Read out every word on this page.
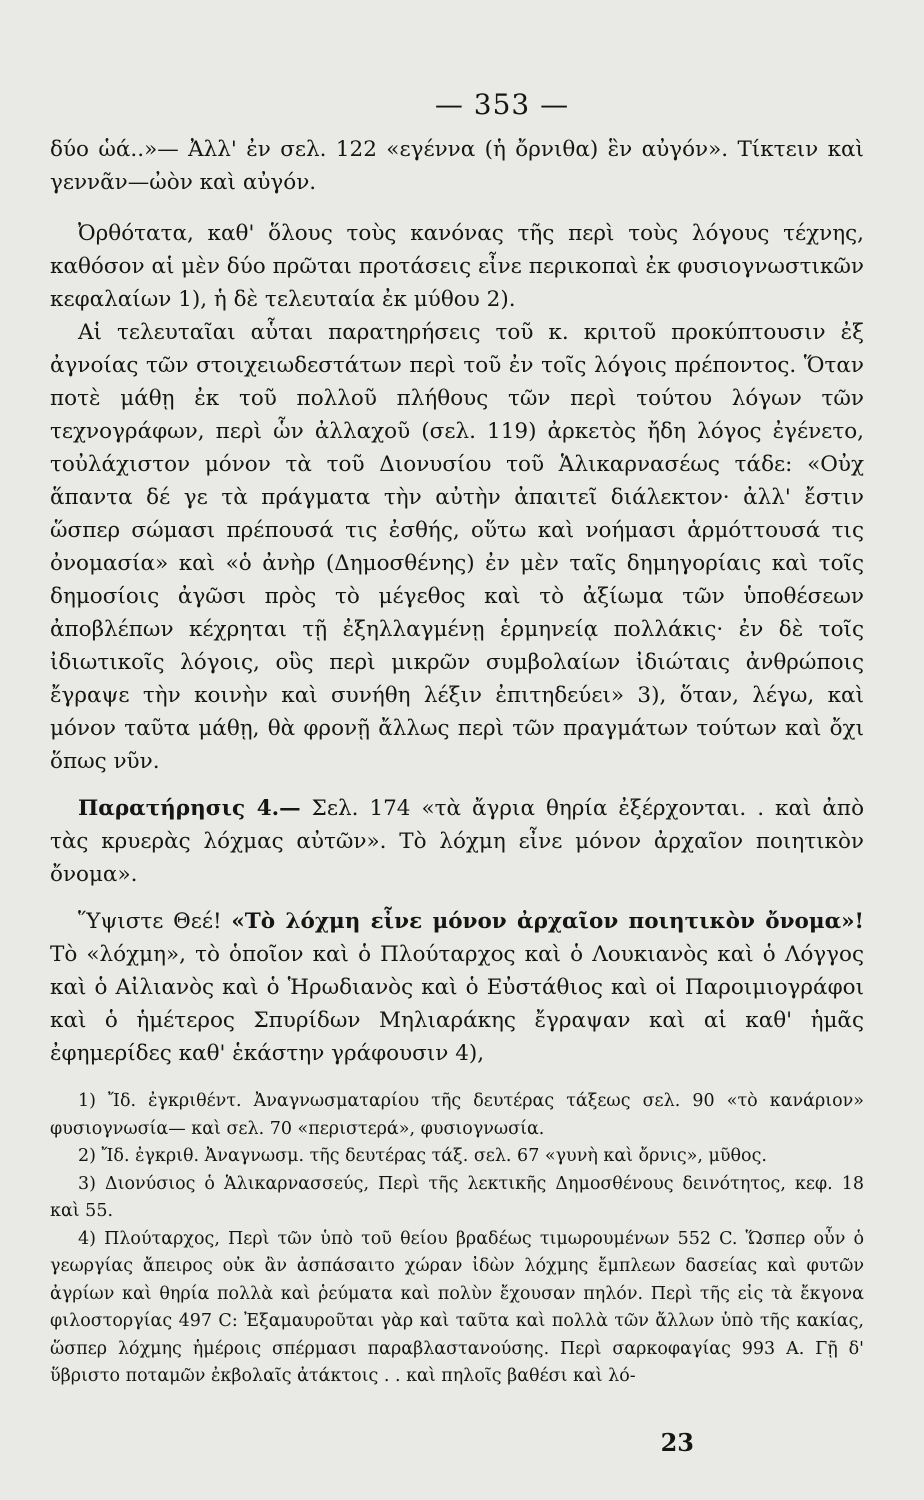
— 353 —

δύο ὡά..»— Ἀλλ' ἐν σελ. 122 «εγέννα (ἡ ὄρνιθα) ἓν αὐγόν». Τίκτειν καὶ γεννᾶν—ὠὸν καὶ αὐγόν.

Ὀρθότατα, καθ' ὅλους τοὺς κανόνας τῆς περὶ τοὺς λόγους τέχνης, καθόσον αἱ μὲν δύο πρῶται προτάσεις εἶνε περικοπαὶ ἐκ φυσιογνωστικῶν κεφαλαίων 1), ἡ δὲ τελευταία ἐκ μύθου 2).

Αἱ τελευταῖαι αὗται παρατηρήσεις τοῦ κ. κριτοῦ προκύπτουσιν ἐξ ἀγνοίας τῶν στοιχειωδεστάτων περὶ τοῦ ἐν τοῖς λόγοις πρέποντος. Ὅταν ποτὲ μάθῃ ἐκ τοῦ πολλοῦ πλήθους τῶν περὶ τούτου λόγων τῶν τεχνογράφων, περὶ ὧν ἀλλαχοῦ (σελ. 119) ἀρκετὸς ἤδη λόγος ἐγένετο, τοὐλάχιστον μόνον τὰ τοῦ Διονυσίου τοῦ Ἁλικαρνασέως τάδε: «Οὐχ ἅπαντα δέ γε τὰ πράγματα τὴν αὐτὴν ἀπαιτεῖ διάλεκτον· ἀλλ' ἔστιν ὥσπερ σώμασι πρέπουσά τις ἐσθής, οὕτω καὶ νοήμασι ἁρμόττουσά τις ὀνομασία» καὶ «ὁ ἀνὴρ (Δημοσθένης) ἐν μὲν ταῖς δημηγορίαις καὶ τοῖς δημοσίοις ἀγῶσι πρὸς τὸ μέγεθος καὶ τὸ ἀξίωμα τῶν ὑποθέσεων ἀποβλέπων κέχρηται τῇ ἐξηλλαγμένῃ ἑρμηνείᾳ πολλάκις· ἐν δὲ τοῖς ἰδιωτικοῖς λόγοις, οὓς περὶ μικρῶν συμβολαίων ἰδιώταις ἀνθρώποις ἔγραψε τὴν κοινὴν καὶ συνήθη λέξιν ἐπιτηδεύει» 3), ὅταν, λέγω, καὶ μόνον ταῦτα μάθῃ, θὰ φρονῇ ἄλλως περὶ τῶν πραγμάτων τούτων καὶ ὄχι ὅπως νῦν.

Παρατήρησις 4.— Σελ. 174 «τὰ ἄγρια θηρία ἐξέρχονται. . καὶ ἀπὸ τὰς κρυερὰς λόχμας αὐτῶν». Τὸ λόχμη εἶνε μόνον ἀρχαῖον ποιητικὸν ὄνομα».

Ὕψιστε Θεέ! «Τὸ λόχμη εἶνε μόνον ἀρχαῖον ποιητικὸν ὄνομα»! Τὸ «λόχμη», τὸ ὁποῖον καὶ ὁ Πλούταρχος καὶ ὁ Λουκιανὸς καὶ ὁ Λόγγος καὶ ὁ Αἰλιανὸς καὶ ὁ Ἡρωδιανὸς καὶ ὁ Εὐστάθιος καὶ οἱ Παροιμιογράφοι καὶ ὁ ἡμέτερος Σπυρίδων Μηλιαράκης ἔγραψαν καὶ αἱ καθ' ἡμᾶς ἐφημερίδες καθ' ἑκάστην γράφουσιν 4),

1) Ἴδ. ἐγκριθέντ. Ἀναγνωσματαρίου τῆς δευτέρας τάξεως σελ. 90 «τὸ κανάριον» φυσιογνωσία— καὶ σελ. 70 «περιστερά», φυσιογνωσία.

2) Ἴδ. ἐγκριθ. Ἀναγνωσμ. τῆς δευτέρας τάξ. σελ. 67 «γυνὴ καὶ ὄρνις», μῦθος.

3) Διονύσιος ὁ Ἁλικαρνασσεύς, Περὶ τῆς λεκτικῆς Δημοσθένους δεινότητος, κεφ. 18 καὶ 55.

4) Πλούταρχος, Περὶ τῶν ὑπὸ τοῦ θείου βραδέως τιμωρουμένων 552 C. Ὥσπερ οὖν ὁ γεωργίας ἄπειρος οὐκ ἂν ἀσπάσαιτο χώραν ἰδὼν λόχμης ἔμπλεων δασείας καὶ φυτῶν ἀγρίων καὶ θηρία πολλὰ καὶ ῥεύματα καὶ πολὺν ἔχουσαν πηλόν. Περὶ τῆς εἰς τὰ ἔκγονα φιλοστοργίας 497 C: Ἐξαμαυροῦται γὰρ καὶ ταῦτα καὶ πολλὰ τῶν ἄλλων ὑπὸ τῆς κακίας, ὥσπερ λόχμης ἡμέροις σπέρμασι παραβλαστανούσης. Περὶ σαρκοφαγίας 993 A. Γῇ δ' ὕβριστο ποταμῶν ἐκβολαῖς ἀτάκτοις . . καὶ πηλοῖς βαθέσι καὶ λό-

23
